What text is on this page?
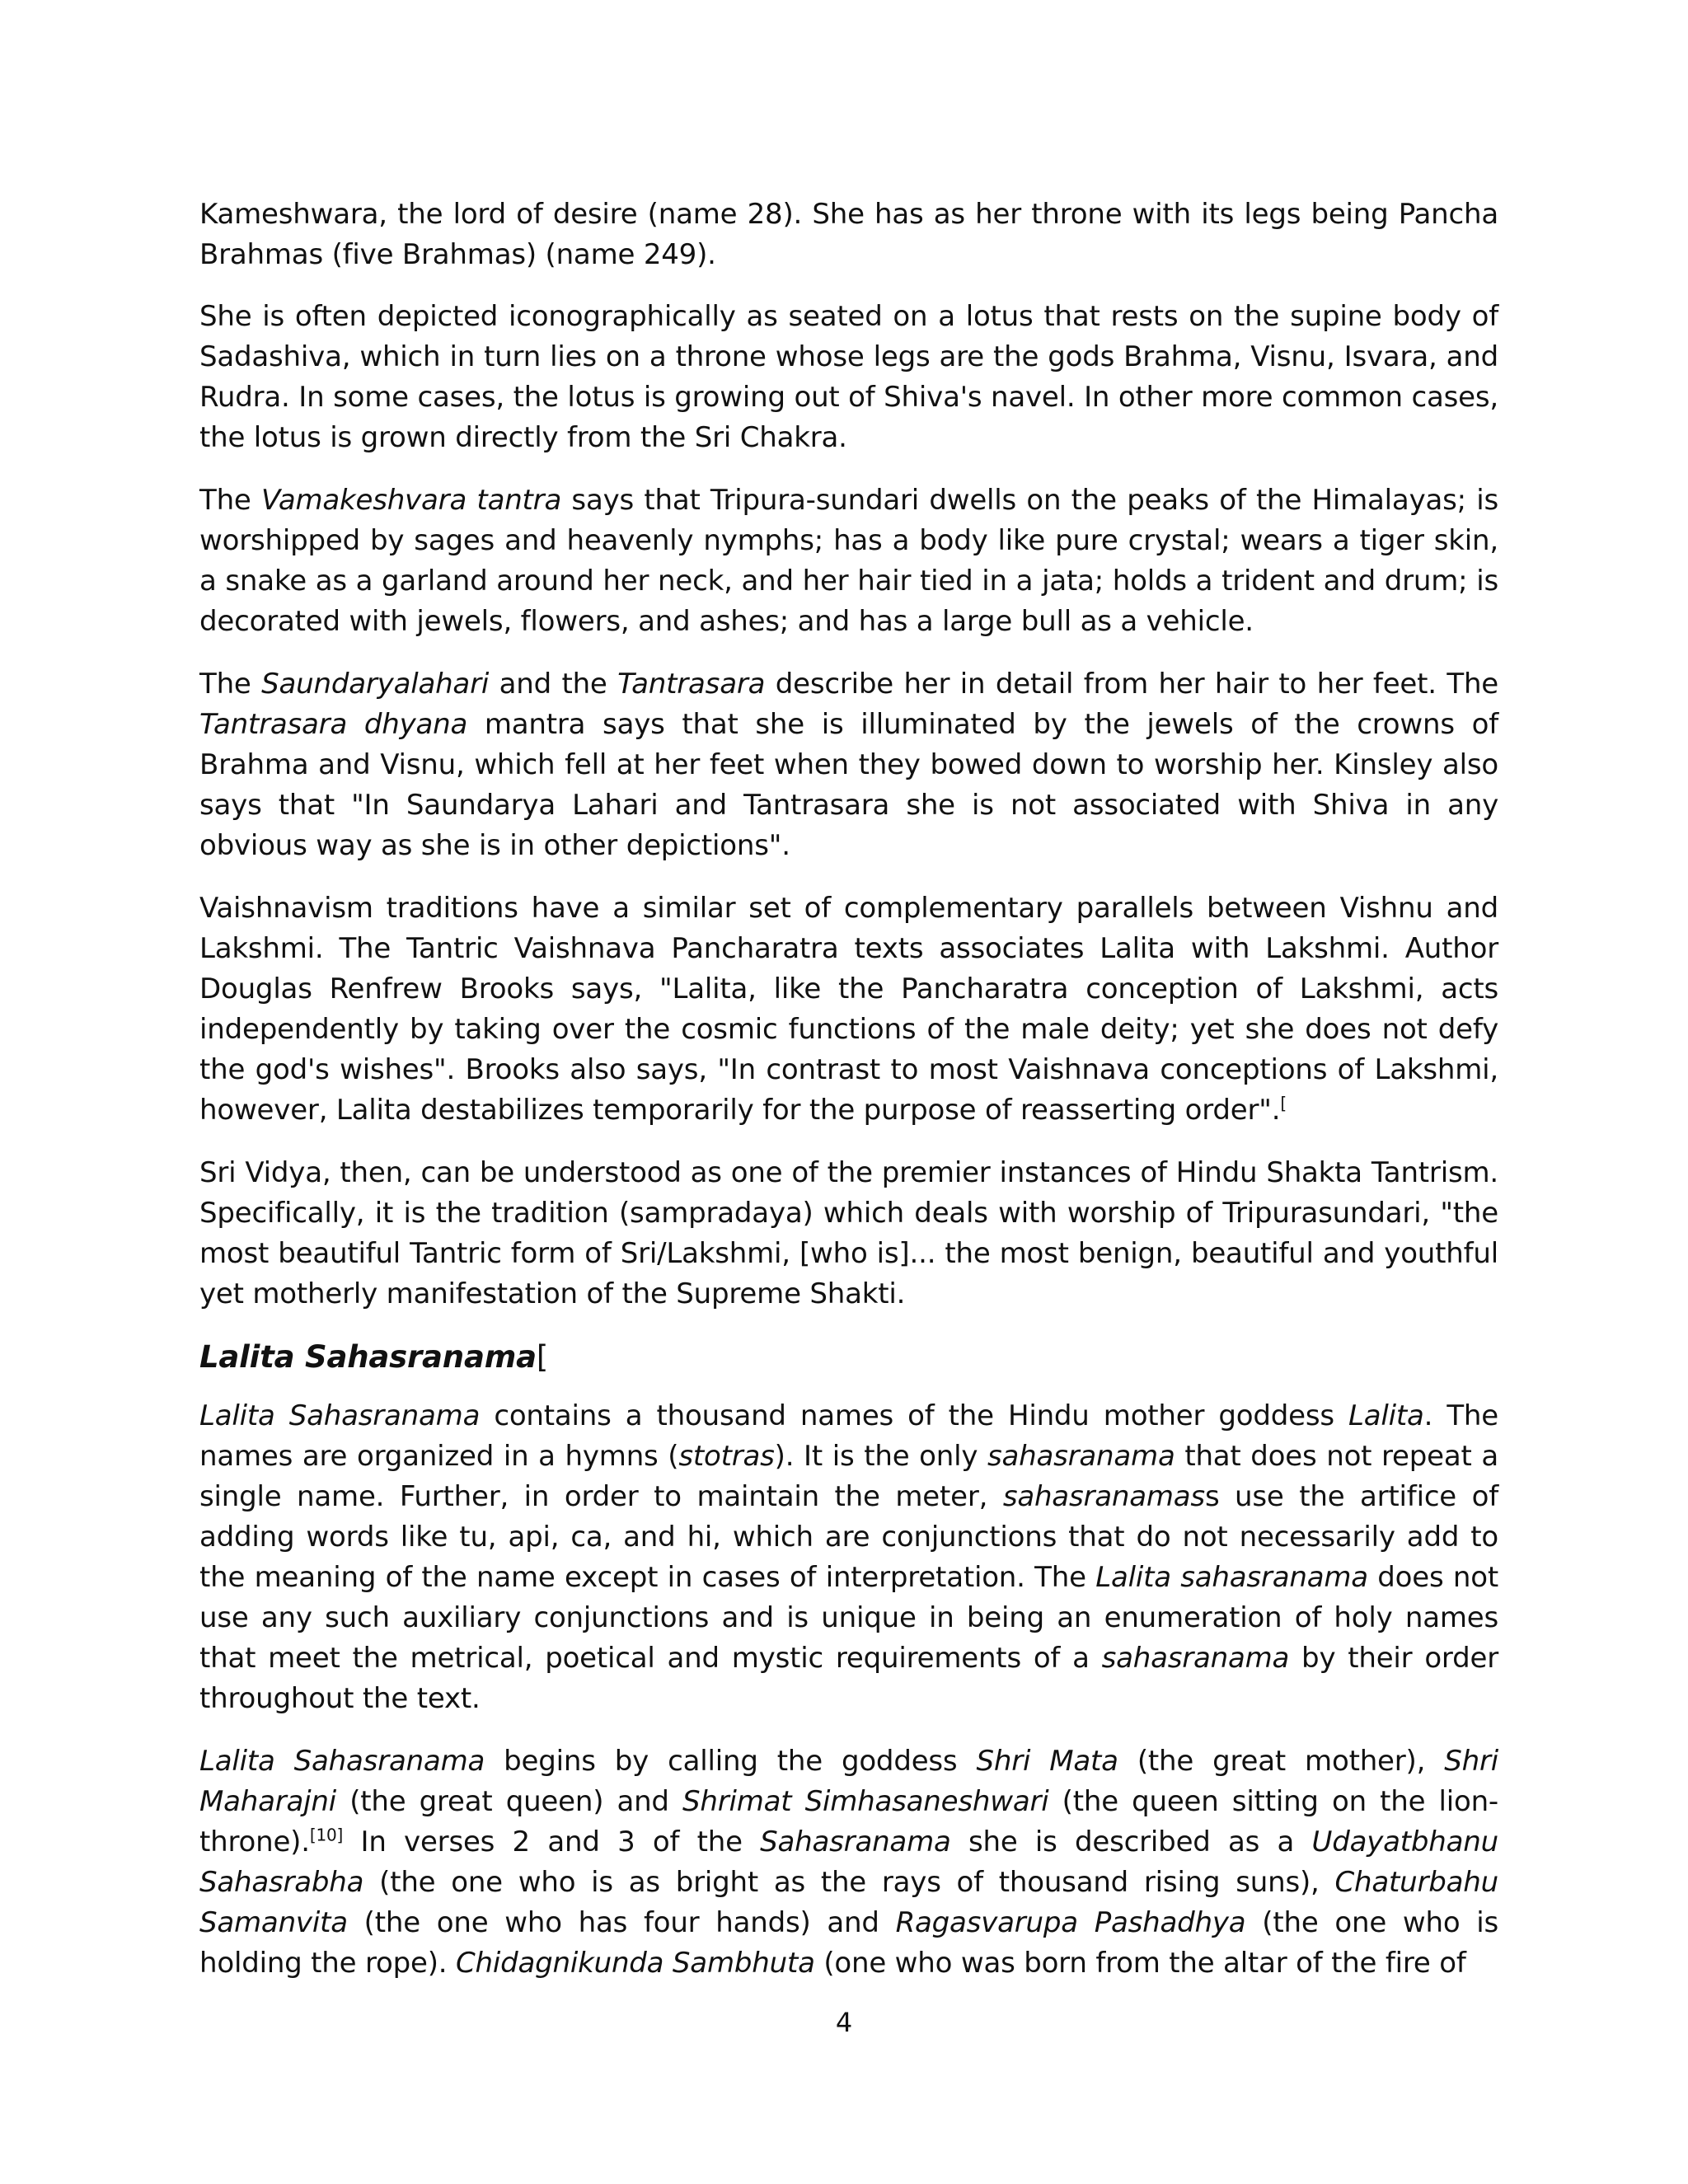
Kameshwara, the lord of desire (name 28). She has as her throne with its legs being Pancha Brahmas (five Brahmas) (name 249).

She is often depicted iconographically as seated on a lotus that rests on the supine body of Sadashiva, which in turn lies on a throne whose legs are the gods Brahma, Visnu, Isvara, and Rudra. In some cases, the lotus is growing out of Shiva's navel. In other more common cases, the lotus is grown directly from the Sri Chakra.

The Vamakeshvara tantra says that Tripura-sundari dwells on the peaks of the Himalayas; is worshipped by sages and heavenly nymphs; has a body like pure crystal; wears a tiger skin, a snake as a garland around her neck, and her hair tied in a jata; holds a trident and drum; is decorated with jewels, flowers, and ashes; and has a large bull as a vehicle.

The Saundaryalahari and the Tantrasara describe her in detail from her hair to her feet. The Tantrasara dhyana mantra says that she is illuminated by the jewels of the crowns of Brahma and Visnu, which fell at her feet when they bowed down to worship her. Kinsley also says that "In Saundarya Lahari and Tantrasara she is not associated with Shiva in any obvious way as she is in other depictions".

Vaishnavism traditions have a similar set of complementary parallels between Vishnu and Lakshmi. The Tantric Vaishnava Pancharatra texts associates Lalita with Lakshmi. Author Douglas Renfrew Brooks says, "Lalita, like the Pancharatra conception of Lakshmi, acts independently by taking over the cosmic functions of the male deity; yet she does not defy the god's wishes". Brooks also says, "In contrast to most Vaishnava conceptions of Lakshmi, however, Lalita destabilizes temporarily for the purpose of reasserting order".[

Sri Vidya, then, can be understood as one of the premier instances of Hindu Shakta Tantrism. Specifically, it is the tradition (sampradaya) which deals with worship of Tripurasundari, "the most beautiful Tantric form of Sri/Lakshmi, [who is]... the most benign, beautiful and youthful yet motherly manifestation of the Supreme Shakti.

Lalita Sahasranama[

Lalita Sahasranama contains a thousand names of the Hindu mother goddess Lalita. The names are organized in a hymns (stotras). It is the only sahasranama that does not repeat a single name. Further, in order to maintain the meter, sahasranamass use the artifice of adding words like tu, api, ca, and hi, which are conjunctions that do not necessarily add to the meaning of the name except in cases of interpretation. The Lalita sahasranama does not use any such auxiliary conjunctions and is unique in being an enumeration of holy names that meet the metrical, poetical and mystic requirements of a sahasranama by their order throughout the text.

Lalita Sahasranama begins by calling the goddess Shri Mata (the great mother), Shri Maharajni (the great queen) and Shrimat Simhasaneshwari (the queen sitting on the lion-throne).[10] In verses 2 and 3 of the Sahasranama she is described as a Udayatbhanu Sahasrabha (the one who is as bright as the rays of thousand rising suns), Chaturbahu Samanvita (the one who has four hands) and Ragasvarupa Pashadhya (the one who is holding the rope). Chidagnikunda Sambhuta (one who was born from the altar of the fire of

4
